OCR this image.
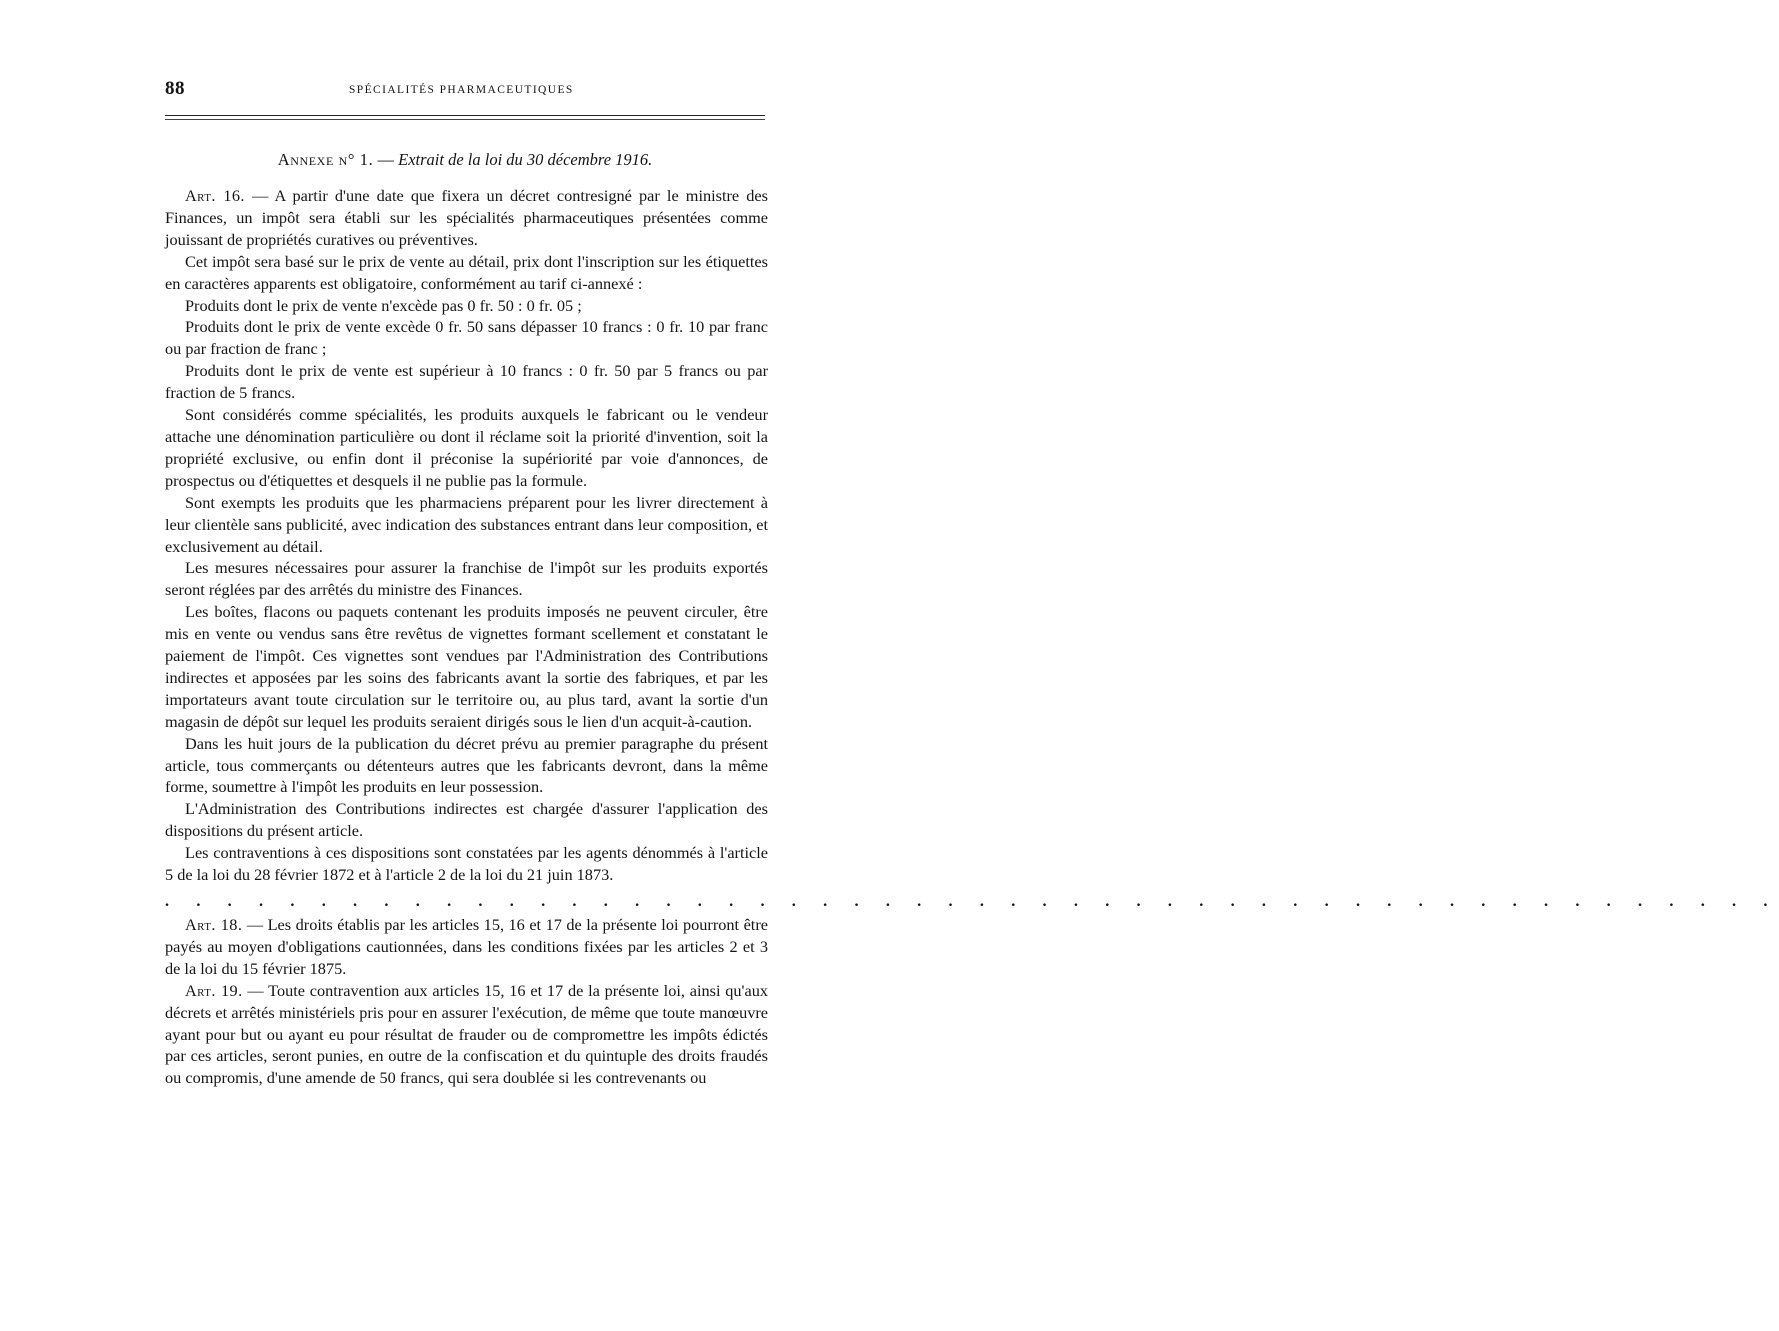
88	SPÉCIALITÉS PHARMACEUTIQUES
Annexe n° 1. — Extrait de la loi du 30 décembre 1916.

Art. 16. — A partir d'une date que fixera un décret contresigné par le ministre des Finances, un impôt sera établi sur les spécialités pharmaceutiques présentées comme jouissant de propriétés curatives ou préventives.

Cet impôt sera basé sur le prix de vente au détail, prix dont l'inscription sur les étiquettes en caractères apparents est obligatoire, conformément au tarif ci-annexé :

Produits dont le prix de vente n'excède pas 0 fr. 50 : 0 fr. 05 ;

Produits dont le prix de vente excède 0 fr. 50 sans dépasser 10 francs : 0 fr. 10 par franc ou par fraction de franc ;

Produits dont le prix de vente est supérieur à 10 francs : 0 fr. 50 par 5 francs ou par fraction de 5 francs.

Sont considérés comme spécialités, les produits auxquels le fabricant ou le vendeur attache une dénomination particulière ou dont il réclame soit la priorité d'invention, soit la propriété exclusive, ou enfin dont il préconise la supériorité par voie d'annonces, de prospectus ou d'étiquettes et desquels il ne publie pas la formule.

Sont exempts les produits que les pharmaciens préparent pour les livrer directement à leur clientèle sans publicité, avec indication des substances entrant dans leur composition, et exclusivement au détail.

Les mesures nécessaires pour assurer la franchise de l'impôt sur les produits exportés seront réglées par des arrêtés du ministre des Finances.

Les boîtes, flacons ou paquets contenant les produits imposés ne peuvent circuler, être mis en vente ou vendus sans être revêtus de vignettes formant scellement et constatant le paiement de l'impôt. Ces vignettes sont vendues par l'Administration des Contributions indirectes et apposées par les soins des fabricants avant la sortie des fabriques, et par les importateurs avant toute circulation sur le territoire ou, au plus tard, avant la sortie d'un magasin de dépôt sur lequel les produits seraient dirigés sous le lien d'un acquit-à-caution.

Dans les huit jours de la publication du décret prévu au premier paragraphe du présent article, tous commerçants ou détenteurs autres que les fabricants devront, dans la même forme, soumettre à l'impôt les produits en leur possession.

L'Administration des Contributions indirectes est chargée d'assurer l'application des dispositions du présent article.

Les contraventions à ces dispositions sont constatées par les agents dénommés à l'article 5 de la loi du 28 février 1872 et à l'article 2 de la loi du 21 juin 1873.

. . . . . . . . . . . . . . . . . . . . . . . . . . . . . . . . . . . . . . . . . . . . . . . . . . . .

Art. 18. — Les droits établis par les articles 15, 16 et 17 de la présente loi pourront être payés au moyen d'obligations cautionnées, dans les conditions fixées par les articles 2 et 3 de la loi du 15 février 1875.

Art. 19. — Toute contravention aux articles 15, 16 et 17 de la présente loi, ainsi qu'aux décrets et arrêtés ministériels pris pour en assurer l'exécution, de même que toute manœuvre ayant pour but ou ayant eu pour résultat de frauder ou de compromettre les impôts édictés par ces articles, seront punies, en outre de la confiscation et du quintuple des droits fraudés ou compromis, d'une amende de 50 francs, qui sera doublée si les contrevenants ou
